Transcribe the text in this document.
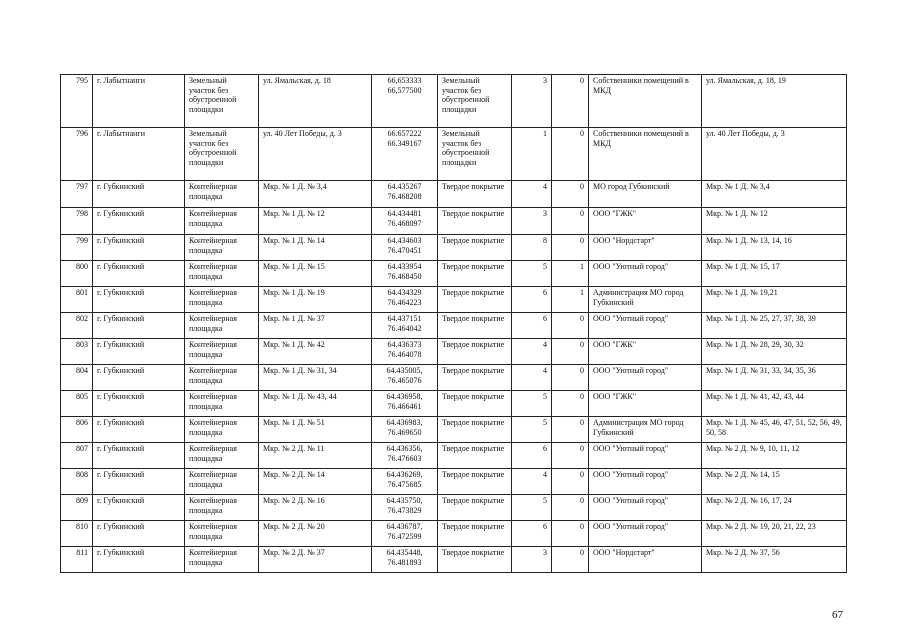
795	г. Лабытнанги	Земельный участок без обустроенной площадки	ул. Ямальская, д. 18	66,653333 66,577500	Земельный участок без обустроенной площадки	3	0	Собственники помещений в МКД	ул. Ямальская, д. 18, 19
796	г. Лабытнанги	Земельный участок без обустроенной площадки	ул. 40 Лет Победы, д. 3	66.657222 66.349167	Земельный участок без обустроенной площадки	1	0	Собственники помещений в МКД	ул. 40 Лет Победы, д. 3
797	г. Губкинский	Контейнерная площадка	Мкр. № 1 Д. № 3,4	64.435267 76.468208	Твердое покрытие	4	0	МО город Губкинский	Мкр. № 1 Д. № 3,4
798	г. Губкинский	Контейнерная площадка	Мкр. № 1 Д. № 12	64.434481 76.468097	Твердое покрытие	3	0	ООО "ГЖК"	Мкр. № 1 Д. № 12
799	г. Губкинский	Контейнерная площадка	Мкр. № 1 Д. № 14	64.434603 76.470451	Твердое покрытие	8	0	ООО "Нордстарт"	Мкр. № 1 Д. № 13, 14, 16
800	г. Губкинский	Контейнерная площадка	Мкр. № 1 Д. № 15	64.433954 76.468450	Твердое покрытие	5	1	ООО "Уютный город"	Мкр. № 1 Д. № 15, 17
801	г. Губкинский	Контейнерная площадка	Мкр. № 1 Д. № 19	64.434329 76.464223	Твердое покрытие	6	1	Администрация МО город Губкинский	Мкр. № 1 Д. № 19,21
802	г. Губкинский	Контейнерная площадка	Мкр. № 1 Д. № 37	64.437151 76.464042	Твердое покрытие	6	0	ООО "Уютный город"	Мкр. № 1 Д. № 25, 27, 37, 38, 39
803	г. Губкинский	Контейнерная площадка	Мкр. № 1 Д. № 42	64.436373 76.464078	Твердое покрытие	4	0	ООО "ГЖК"	Мкр. № 1 Д. № 28, 29, 30, 32
804	г. Губкинский	Контейнерная площадка	Мкр. № 1 Д. № 31, 34	64.435005, 76.465076	Твердое покрытие	4	0	ООО "Уютный город"	Мкр. № 1 Д. № 31, 33, 34, 35, 36
805	г. Губкинский	Контейнерная площадка	Мкр. № 1 Д. № 43, 44	64.436958, 76.466461	Твердое покрытие	5	0	ООО "ГЖК"	Мкр. № 1 Д. № 41, 42, 43, 44
806	г. Губкинский	Контейнерная площадка	Мкр. № 1 Д. № 51	64.436983, 76.469650	Твердое покрытие	5	0	Администрация МО город Губкинский	Мкр. № 1 Д. № 45, 46, 47, 51, 52, 56, 49, 50, 58
807	г. Губкинский	Контейнерная площадка	Мкр. № 2 Д. № 11	64.436356, 76.476603	Твердое покрытие	6	0	ООО "Уютный город"	Мкр. № 2 Д. № 9, 10, 11, 12
808	г. Губкинский	Контейнерная площадка	Мкр. № 2 Д. № 14	64.436269, 76.475685	Твердое покрытие	4	0	ООО "Уютный город"	Мкр. № 2 Д. № 14, 15
809	г. Губкинский	Контейнерная площадка	Мкр. № 2 Д. № 16	64.435750, 76.473829	Твердое покрытие	5	0	ООО "Уютный город"	Мкр. № 2 Д. № 16, 17, 24
810	г. Губкинский	Контейнерная площадка	Мкр. № 2 Д. № 20	64.436787, 76.472599	Твердое покрытие	6	0	ООО "Уютный город"	Мкр. № 2 Д. № 19, 20, 21, 22, 23
811	г. Губкинский	Контейнерная площадка	Мкр. № 2 Д. № 37	64.435448, 76.481893	Твердое покрытие	3	0	ООО "Нордстарт"	Мкр. № 2 Д. № 37, 56
67
